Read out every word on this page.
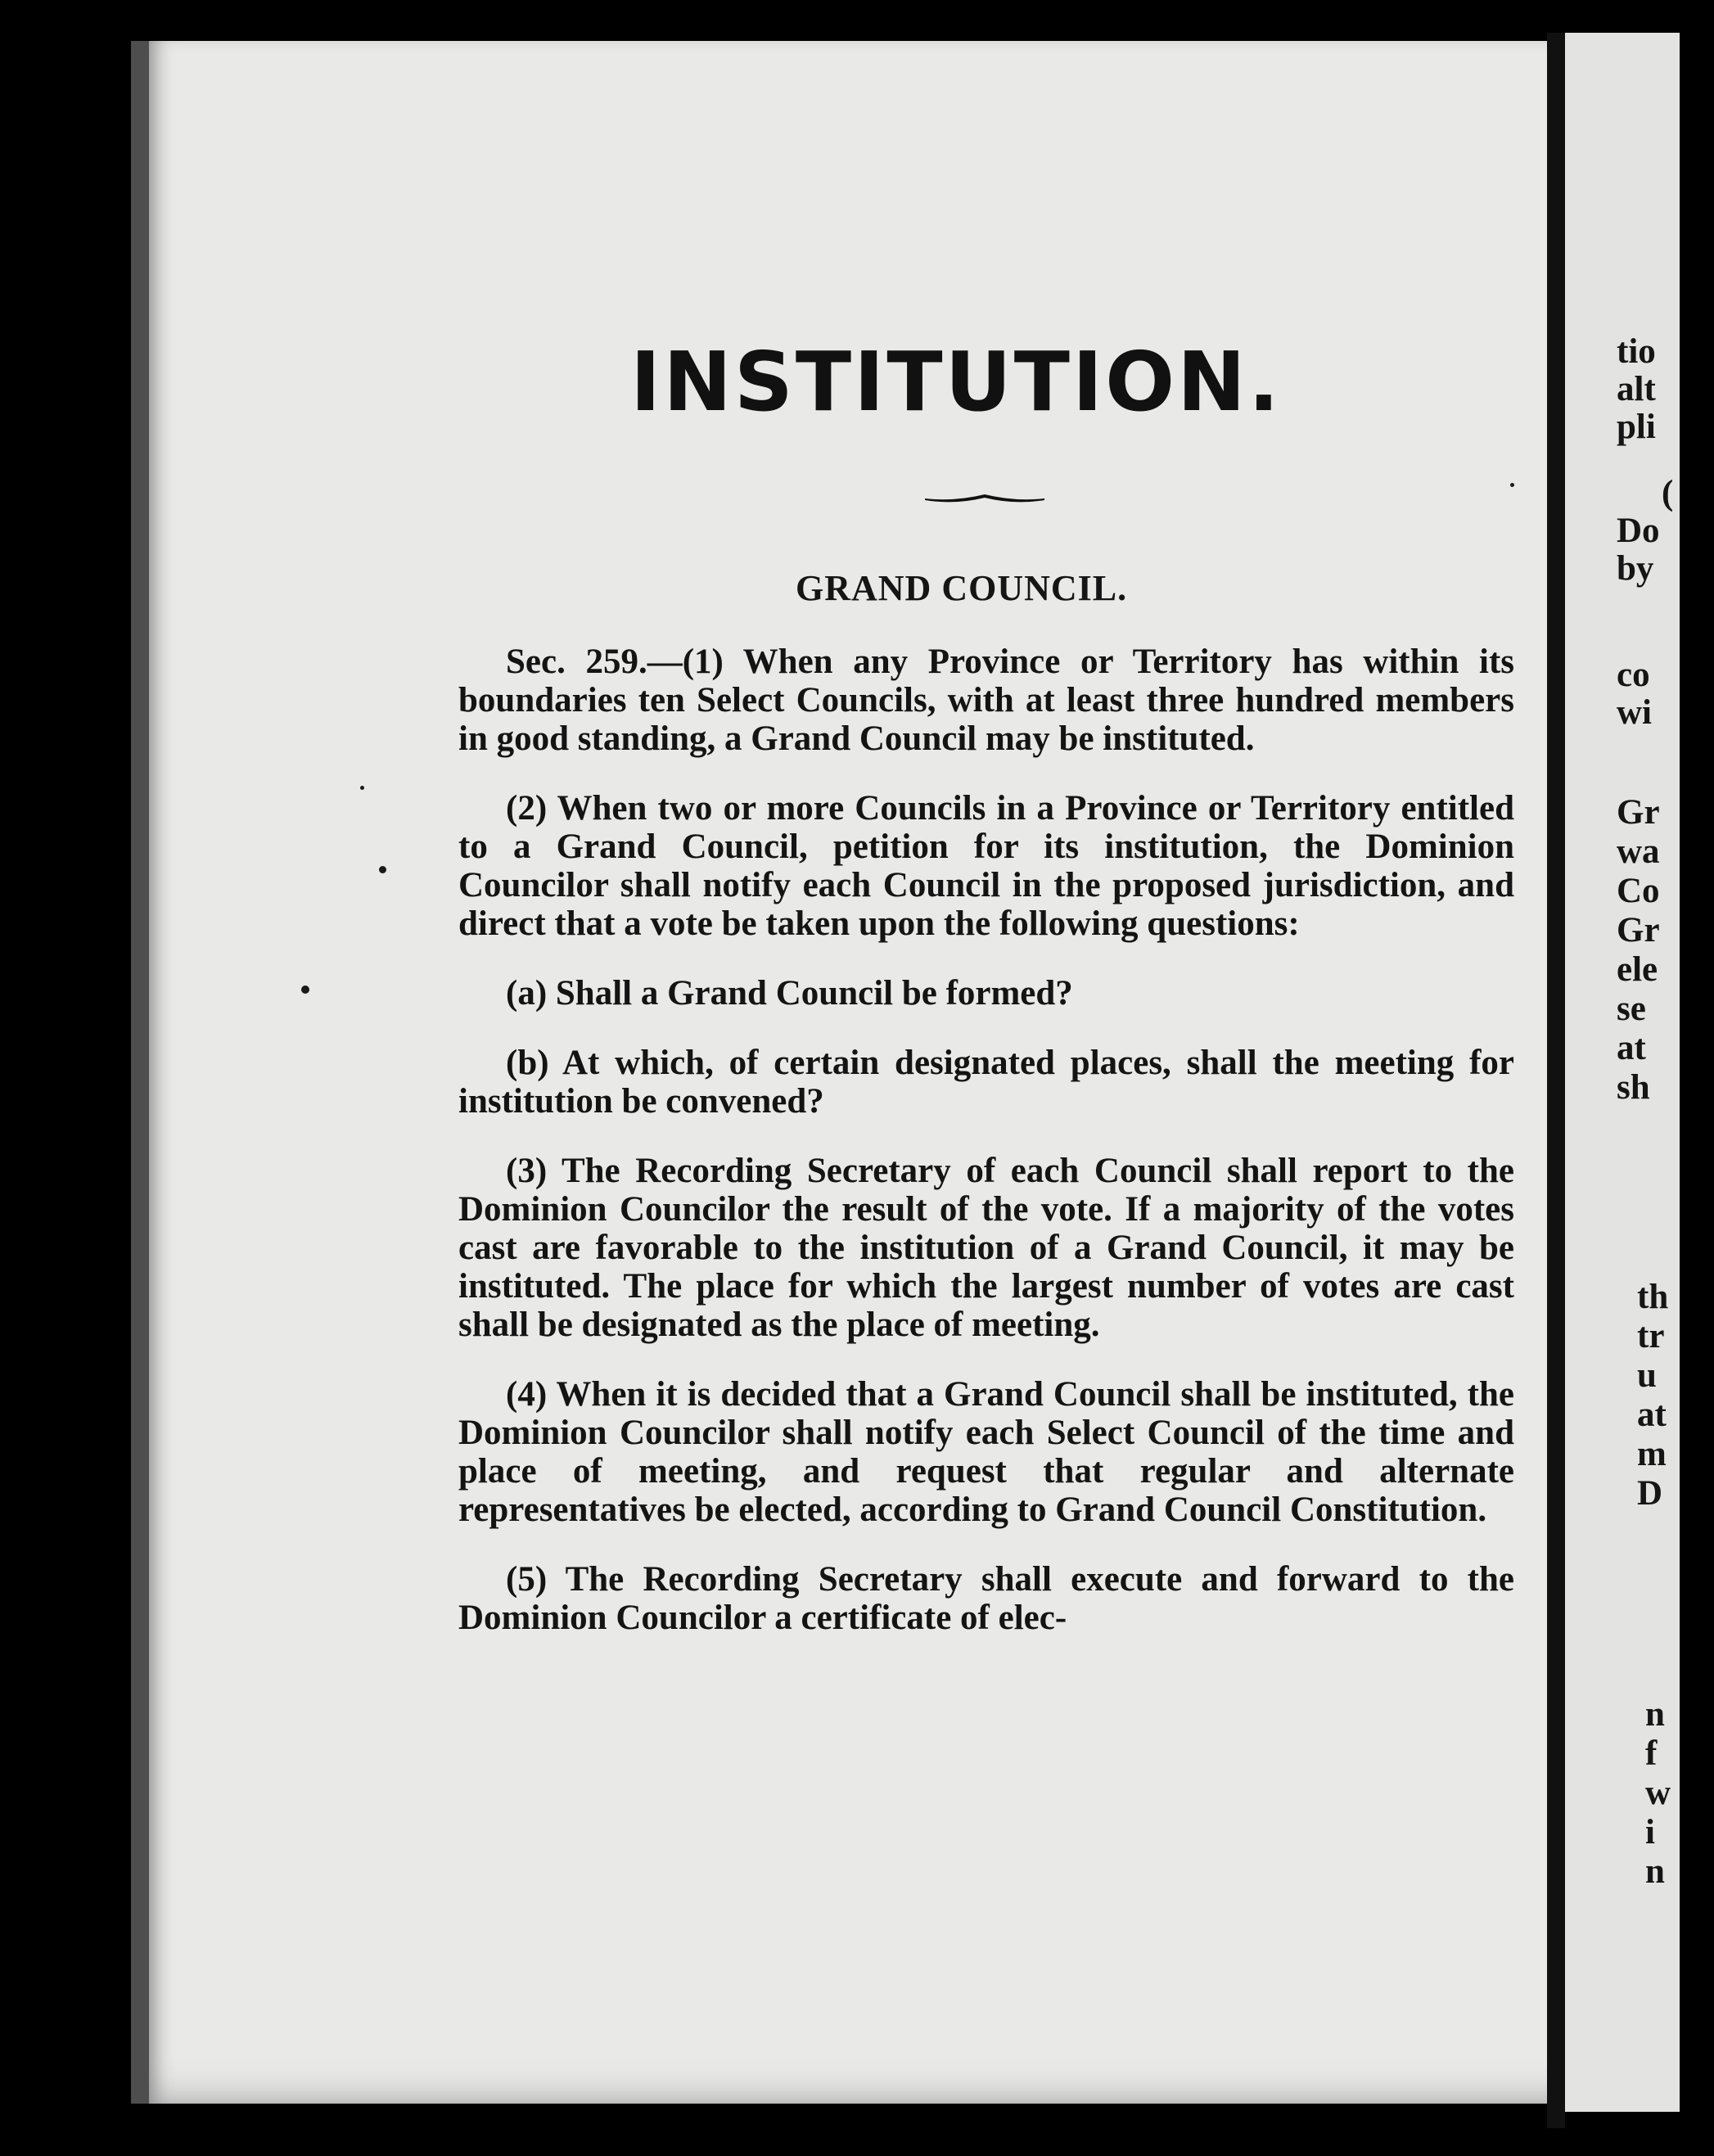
INSTITUTION.
GRAND COUNCIL.

Sec. 259.—(1) When any Province or Territory has within its boundaries ten Select Councils, with at least three hundred members in good standing, a Grand Council may be instituted.

(2) When two or more Councils in a Province or Territory entitled to a Grand Council, petition for its institution, the Dominion Councilor shall notify each Council in the proposed jurisdiction, and direct that a vote be taken upon the following questions:

(a) Shall a Grand Council be formed?

(b) At which, of certain designated places, shall the meeting for institution be convened?

(3) The Recording Secretary of each Council shall report to the Dominion Councilor the result of the vote. If a majority of the votes cast are favorable to the institution of a Grand Council, it may be instituted. The place for which the largest number of votes are cast shall be designated as the place of meeting.

(4) When it is decided that a Grand Council shall be instituted, the Dominion Councilor shall notify each Select Council of the time and place of meeting, and request that regular and alternate representatives be elected, according to Grand Council Constitution.

(5) The Recording Secretary shall execute and forward to the Dominion Councilor a certificate of elec-

tio
alt
pli
(
Do
by
co
wi
Gr
wa
Co
Gr
ele
se
at
sh
th
tr
u
at
m
D
n
f
w
i
n
